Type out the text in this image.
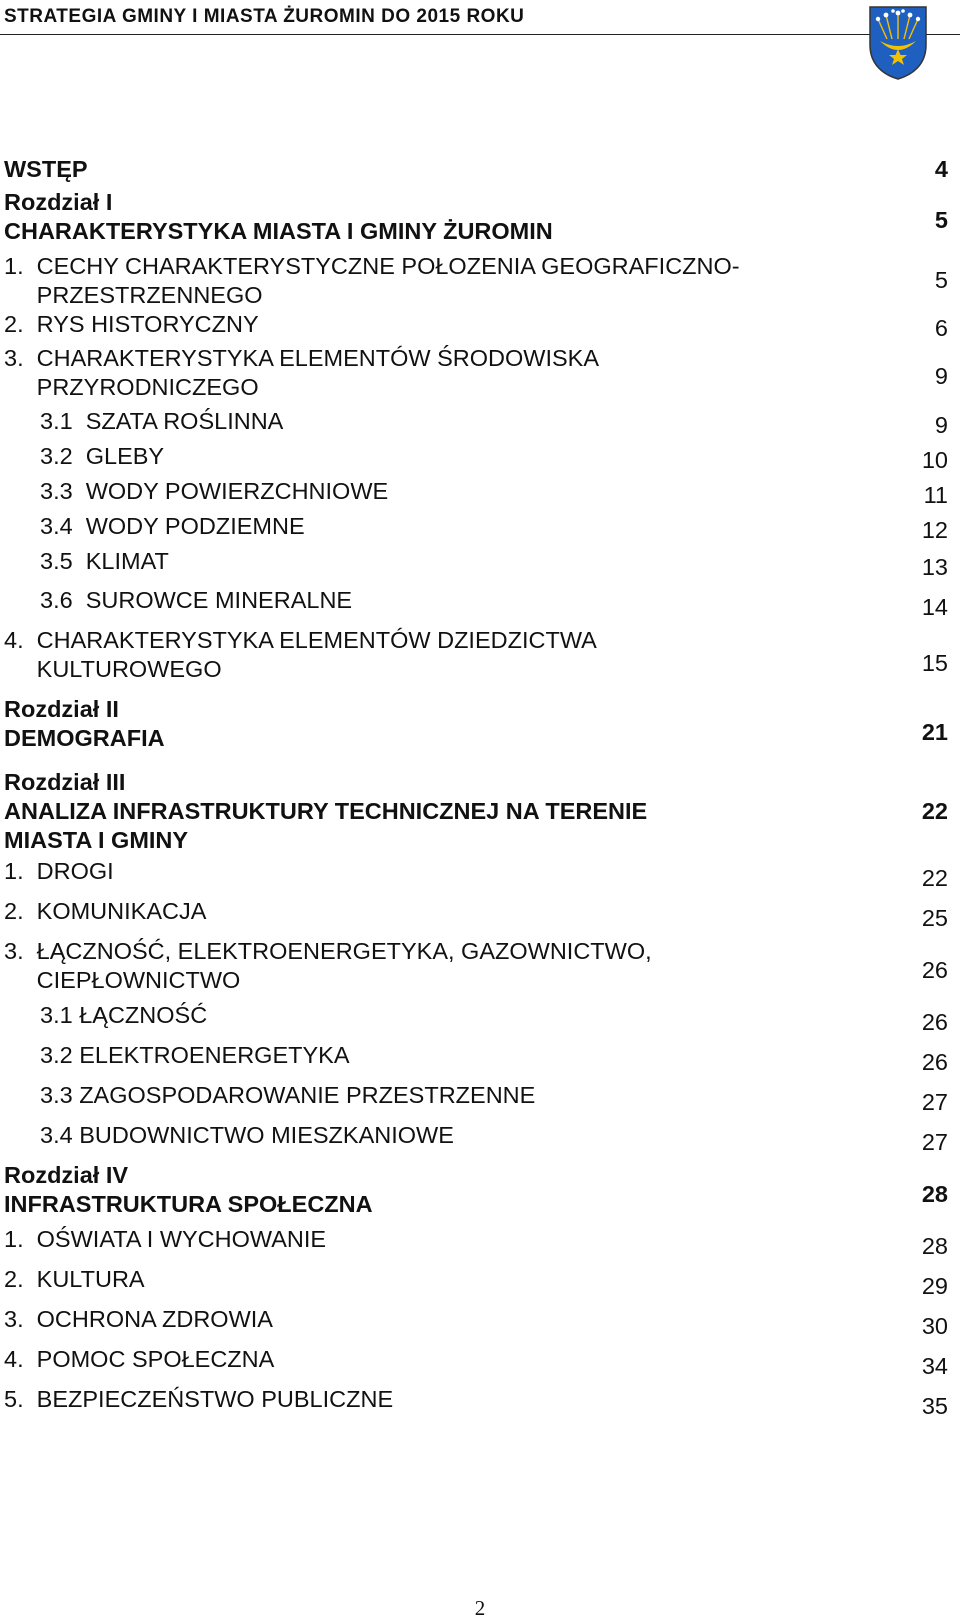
STRATEGIA GMINY I MIASTA ŻUROMIN DO 2015 ROKU
WSTĘP	4
Rozdział I
CHARAKTERYSTYKA MIASTA I GMINY ŻUROMIN	5
1.  CECHY CHARAKTERYSTYCZNE POŁOZENIA GEOGRAFICZNO-
PRZESTRZENNEGO
5
2.  RYS HISTORYCZNY	6
3.  CHARAKTERYSTYKA ELEMENTÓW ŚRODOWISKA
PRZYRODNICZEGO	9
3.1  SZATA ROŚLINNA	9
3.2  GLEBY	10
3.3  WODY POWIERZCHNIOWE	11
3.4  WODY PODZIEMNE	12
3.5  KLIMAT	13
3.6  SUROWCE MINERALNE	14
4.  CHARAKTERYSTYKA ELEMENTÓW DZIEDZICTWA
KULTUROWEGO	15
Rozdział II
DEMOGRAFIA	21
Rozdział III
ANALIZA INFRASTRUKTURY TECHNICZNEJ NA TERENIE
MIASTA I GMINY
22
1.  DROGI	22
2.  KOMUNIKACJA	25
3.  ŁĄCZNOŚĆ, ELEKTROENERGETYKA, GAZOWNICTWO,
CIEPŁOWNICTWO	26
3.1 ŁĄCZNOŚĆ	26
3.2 ELEKTROENERGETYKA	26
3.3 ZAGOSPODAROWANIE PRZESTRZENNE	27
3.4 BUDOWNICTWO MIESZKANIOWE	27
Rozdział IV
INFRASTRUKTURA SPOŁECZNA	28
1.  OŚWIATA I WYCHOWANIE	28
2.  KULTURA	29
3.  OCHRONA ZDROWIA	30
4.  POMOC SPOŁECZNA	34
5.  BEZPIECZEŃSTWO PUBLICZNE	35
2
